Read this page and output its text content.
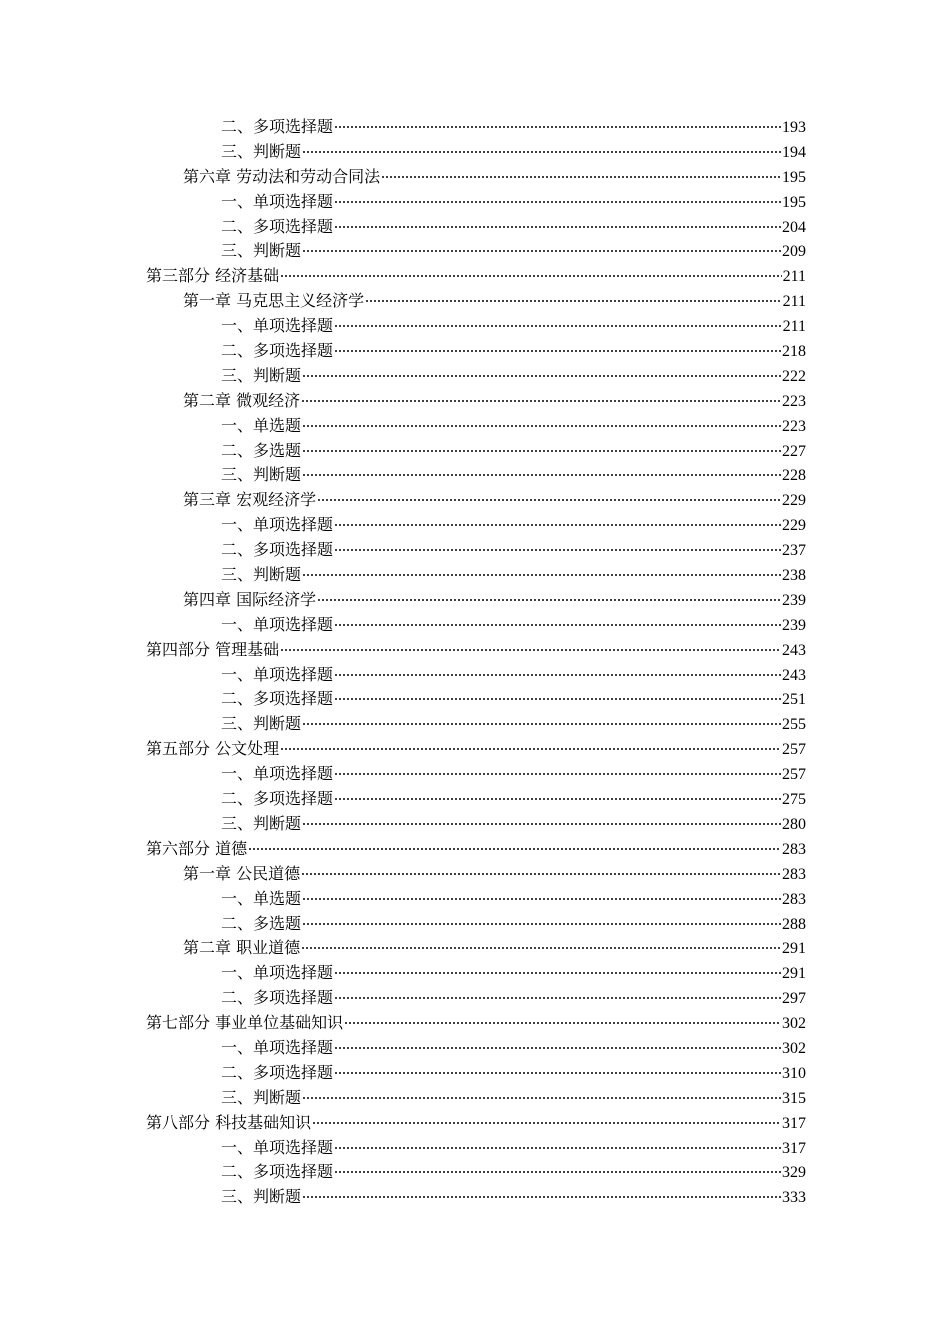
二、多项选择题	193
三、判断题	194
第六章 劳动法和劳动合同法	195
一、单项选择题	195
二、多项选择题	204
三、判断题	209
第三部分 经济基础	211
第一章 马克思主义经济学	211
一、单项选择题	211
二、多项选择题	218
三、判断题	222
第二章 微观经济	223
一、单选题	223
二、多选题	227
三、判断题	228
第三章 宏观经济学	229
一、单项选择题	229
二、多项选择题	237
三、判断题	238
第四章 国际经济学	239
一、单项选择题	239
第四部分 管理基础	243
一、单项选择题	243
二、多项选择题	251
三、判断题	255
第五部分 公文处理	257
一、单项选择题	257
二、多项选择题	275
三、判断题	280
第六部分 道德	283
第一章 公民道德	283
一、单选题	283
二、多选题	288
第二章 职业道德	291
一、单项选择题	291
二、多项选择题	297
第七部分 事业单位基础知识	302
一、单项选择题	302
二、多项选择题	310
三、判断题	315
第八部分 科技基础知识	317
一、单项选择题	317
二、多项选择题	329
三、判断题	333
